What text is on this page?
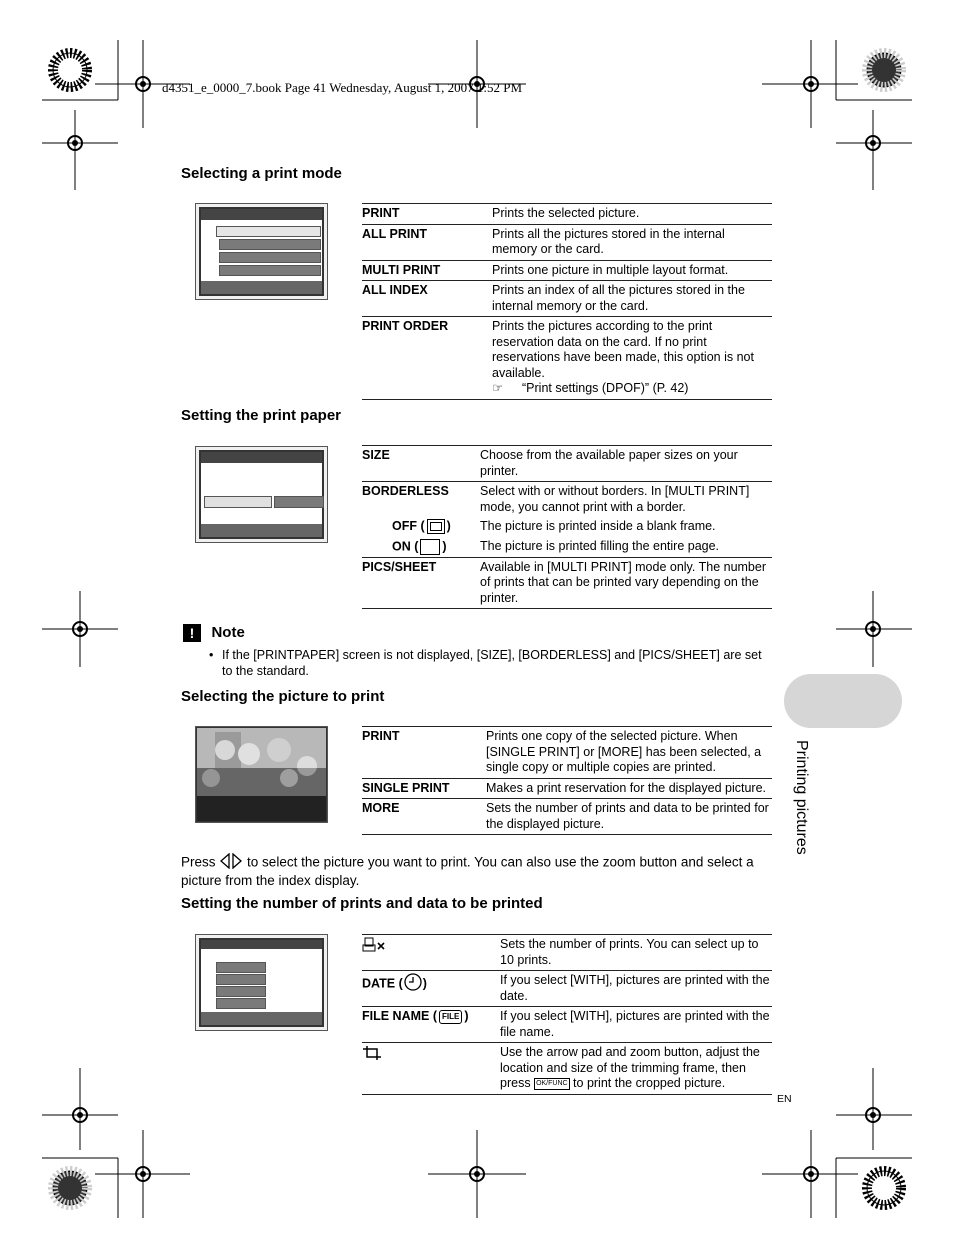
d4351_e_0000_7.book Page 41 Wednesday, August 1, 2007 1:52 PM
Selecting a print mode
PRINT	Prints the selected picture.
ALL PRINT	Prints all the pictures stored in the internal memory or the card.
MULTI PRINT	Prints one picture in multiple layout format.
ALL INDEX	Prints an index of all the pictures stored in the internal memory or the card.
PRINT ORDER	Prints the pictures according to the print reservation data on the card. If no print reservations have been made, this option is not available.
☞ “Print settings (DPOF)” (P. 42)
Setting the print paper
SIZE	Choose from the available paper sizes on your printer.
BORDERLESS	Select with or without borders. In [MULTI PRINT] mode, you cannot print with a border.
OFF ( )	The picture is printed inside a blank frame.
ON ( )	The picture is printed filling the entire page.
PICS/SHEET	Available in [MULTI PRINT] mode only. The number of prints that can be printed vary depending on the printer.
! Note
• If the [PRINTPAPER] screen is not displayed, [SIZE], [BORDERLESS] and [PICS/SHEET] are set to the standard.
Selecting the picture to print
PRINT	Prints one copy of the selected picture. When [SINGLE PRINT] or [MORE] has been selected, a single copy or multiple copies are printed.
SINGLE PRINT	Makes a print reservation for the displayed picture.
MORE	Sets the number of prints and data to be printed for the displayed picture.
Press to select the picture you want to print. You can also use the zoom button and select a picture from the index display.
Setting the number of prints and data to be printed
	Sets the number of prints. You can select up to 10 prints.
DATE ( )	If you select [WITH], pictures are printed with the date.
FILE NAME ( FILE )	If you select [WITH], pictures are printed with the file name.
	Use the arrow pad and zoom button, adjust the location and size of the trimming frame, then press OK/FUNC to print the cropped picture.
Printing pictures
EN
